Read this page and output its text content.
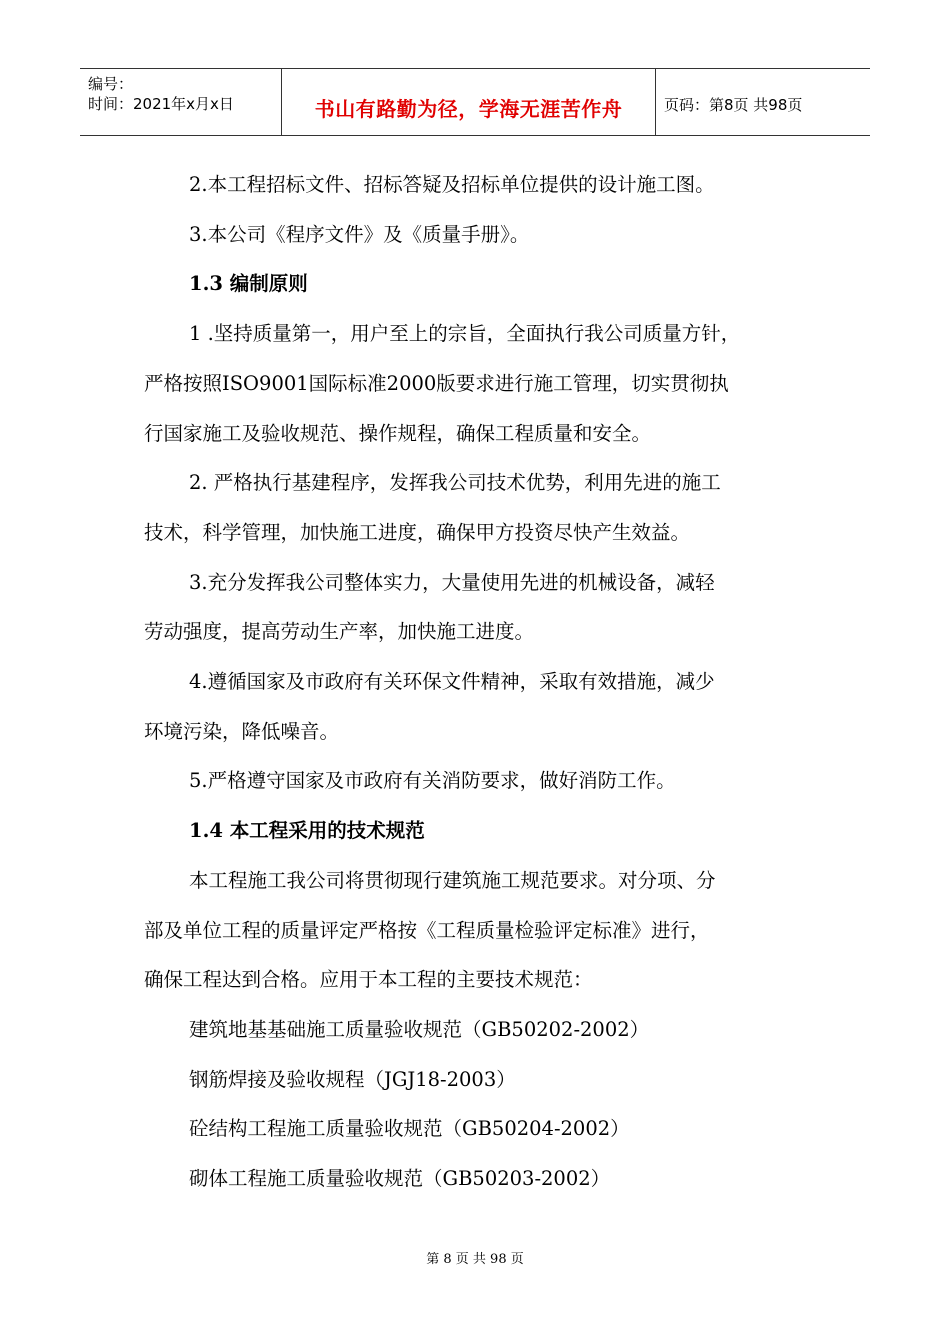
编号：
时间：2021年x月x日	书山有路勤为径，学海无涯苦作舟	页码：第8页 共98页

2.本工程招标文件、招标答疑及招标单位提供的设计施工图。

3.本公司《程序文件》及《质量手册》。

1.3 编制原则

1 .坚持质量第一，用户至上的宗旨，全面执行我公司质量方针，

严格按照ISO9001国际标准2000版要求进行施工管理，切实贯彻执

行国家施工及验收规范、操作规程，确保工程质量和安全。

2. 严格执行基建程序，发挥我公司技术优势，利用先进的施工

技术，科学管理，加快施工进度，确保甲方投资尽快产生效益。

3.充分发挥我公司整体实力，大量使用先进的机械设备，减轻

劳动强度，提高劳动生产率，加快施工进度。

4.遵循国家及市政府有关环保文件精神，采取有效措施，减少

环境污染，降低噪音。

5.严格遵守国家及市政府有关消防要求，做好消防工作。

1.4 本工程采用的技术规范

本工程施工我公司将贯彻现行建筑施工规范要求。对分项、分

部及单位工程的质量评定严格按《工程质量检验评定标准》进行，

确保工程达到合格。应用于本工程的主要技术规范：

建筑地基基础施工质量验收规范（GB50202-2002）

钢筋焊接及验收规程（JGJ18-2003）

砼结构工程施工质量验收规范（GB50204-2002）

砌体工程施工质量验收规范（GB50203-2002）

第 8 页 共 98 页
